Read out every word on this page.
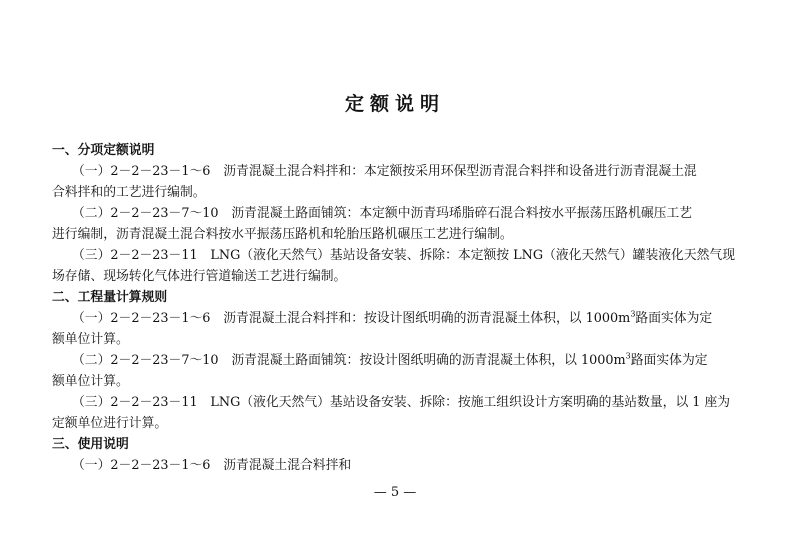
定额说明
一、分项定额说明
（一）2－2－23－1～6　沥青混凝土混合料拌和：本定额按采用环保型沥青混合料拌和设备进行沥青混凝土混
合料拌和的工艺进行编制。
（二）2－2－23－7～10　沥青混凝土路面铺筑：本定额中沥青玛琋脂碎石混合料按水平振荡压路机碾压工艺
进行编制，沥青混凝土混合料按水平振荡压路机和轮胎压路机碾压工艺进行编制。
（三）2－2－23－11　LNG（液化天然气）基站设备安装、拆除：本定额按 LNG（液化天然气）罐装液化天然气现
场存储、现场转化气体进行管道输送工艺进行编制。
二、工程量计算规则
（一）2－2－23－1～6　沥青混凝土混合料拌和：按设计图纸明确的沥青混凝土体积，以 $1000m^3$路面实体为定
额单位计算。
（二）2－2－23－7～10　沥青混凝土路面铺筑：按设计图纸明确的沥青混凝土体积，以 $1000m^3$路面实体为定
额单位计算。
（三）2－2－23－11　LNG（液化天然气）基站设备安装、拆除：按施工组织设计方案明确的基站数量，以 1 座为
定额单位进行计算。
三、使用说明
（一）2－2－23－1～6　沥青混凝土混合料拌和
— 5 —
